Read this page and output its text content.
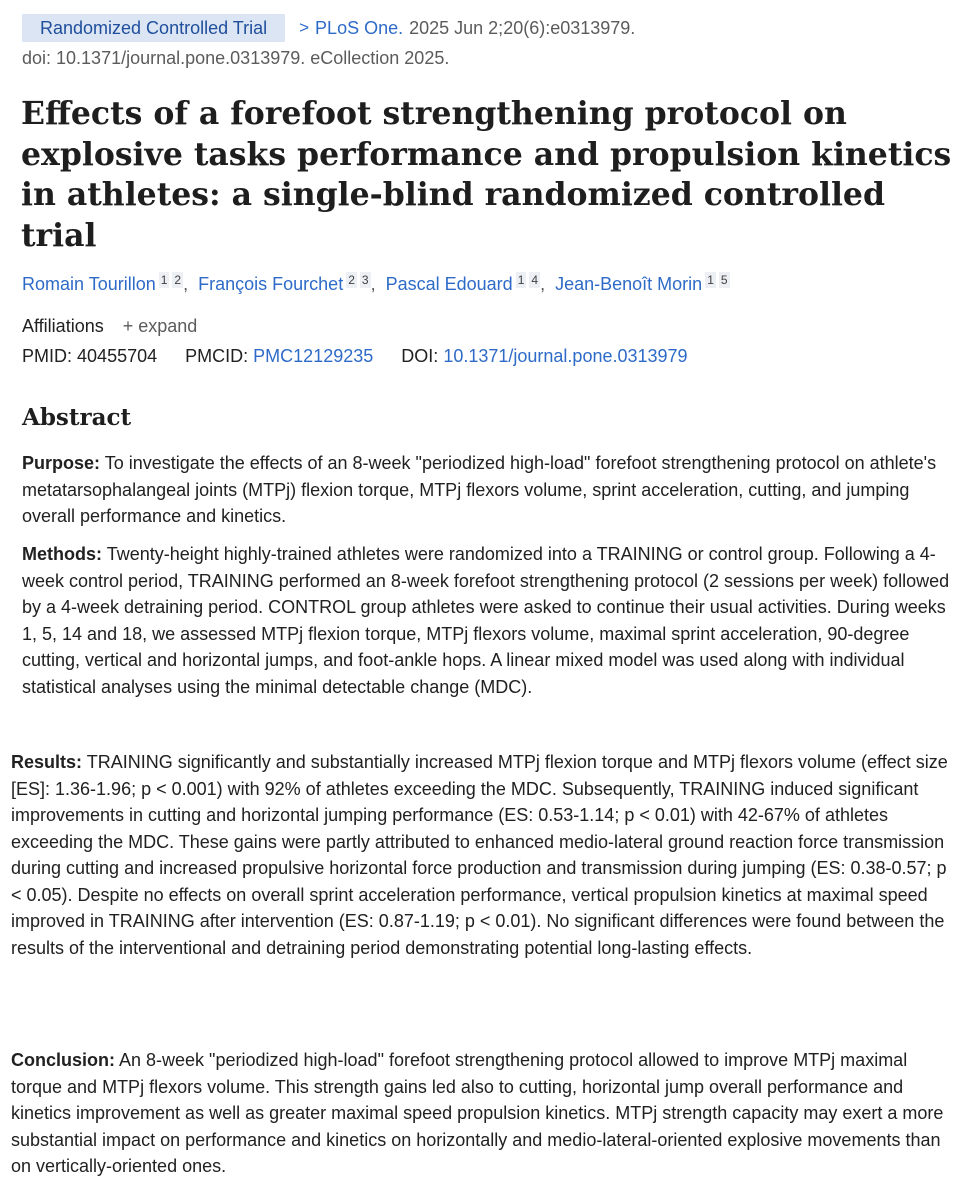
Randomized Controlled Trial	> PLoS One. 2025 Jun 2;20(6):e0313979.
doi: 10.1371/journal.pone.0313979. eCollection 2025.
Effects of a forefoot strengthening protocol on explosive tasks performance and propulsion kinetics in athletes: a single-blind randomized controlled trial
Romain Tourillon $^1$ $^2$ , François Fourchet $^2$ $^3$ , Pascal Edouard $^1$ $^4$ , Jean-Benoît Morin $^1$ $^5$
Affiliations + expand
PMID: 40455704 PMCID: PMC12129235 DOI: 10.1371/journal.pone.0313979
Abstract

Purpose: To investigate the effects of an 8-week "periodized high-load" forefoot strengthening protocol on athlete's metatarsophalangeal joints (MTPj) flexion torque, MTPj flexors volume, sprint acceleration, cutting, and jumping overall performance and kinetics.

Methods: Twenty-height highly-trained athletes were randomized into a TRAINING or control group. Following a 4-week control period, TRAINING performed an 8-week forefoot strengthening protocol (2 sessions per week) followed by a 4-week detraining period. CONTROL group athletes were asked to continue their usual activities. During weeks 1, 5, 14 and 18, we assessed MTPj flexion torque, MTPj flexors volume, maximal sprint acceleration, 90-degree cutting, vertical and horizontal jumps, and foot-ankle hops. A linear mixed model was used along with individual statistical analyses using the minimal detectable change (MDC).

Results: TRAINING significantly and substantially increased MTPj flexion torque and MTPj flexors volume (effect size [ES]: 1.36-1.96; p < 0.001) with 92% of athletes exceeding the MDC. Subsequently, TRAINING induced significant improvements in cutting and horizontal jumping performance (ES: 0.53-1.14; p < 0.01) with 42-67% of athletes exceeding the MDC. These gains were partly attributed to enhanced medio-lateral ground reaction force transmission during cutting and increased propulsive horizontal force production and transmission during jumping (ES: 0.38-0.57; p < 0.05). Despite no effects on overall sprint acceleration performance, vertical propulsion kinetics at maximal speed improved in TRAINING after intervention (ES: 0.87-1.19; p < 0.01). No significant differences were found between the results of the interventional and detraining period demonstrating potential long-lasting effects.

Conclusion: An 8-week "periodized high-load" forefoot strengthening protocol allowed to improve MTPj maximal torque and MTPj flexors volume. This strength gains led also to cutting, horizontal jump overall performance and kinetics improvement as well as greater maximal speed propulsion kinetics. MTPj strength capacity may exert a more substantial impact on performance and kinetics on horizontally and medio-lateral-oriented explosive movements than on vertically-oriented ones.
